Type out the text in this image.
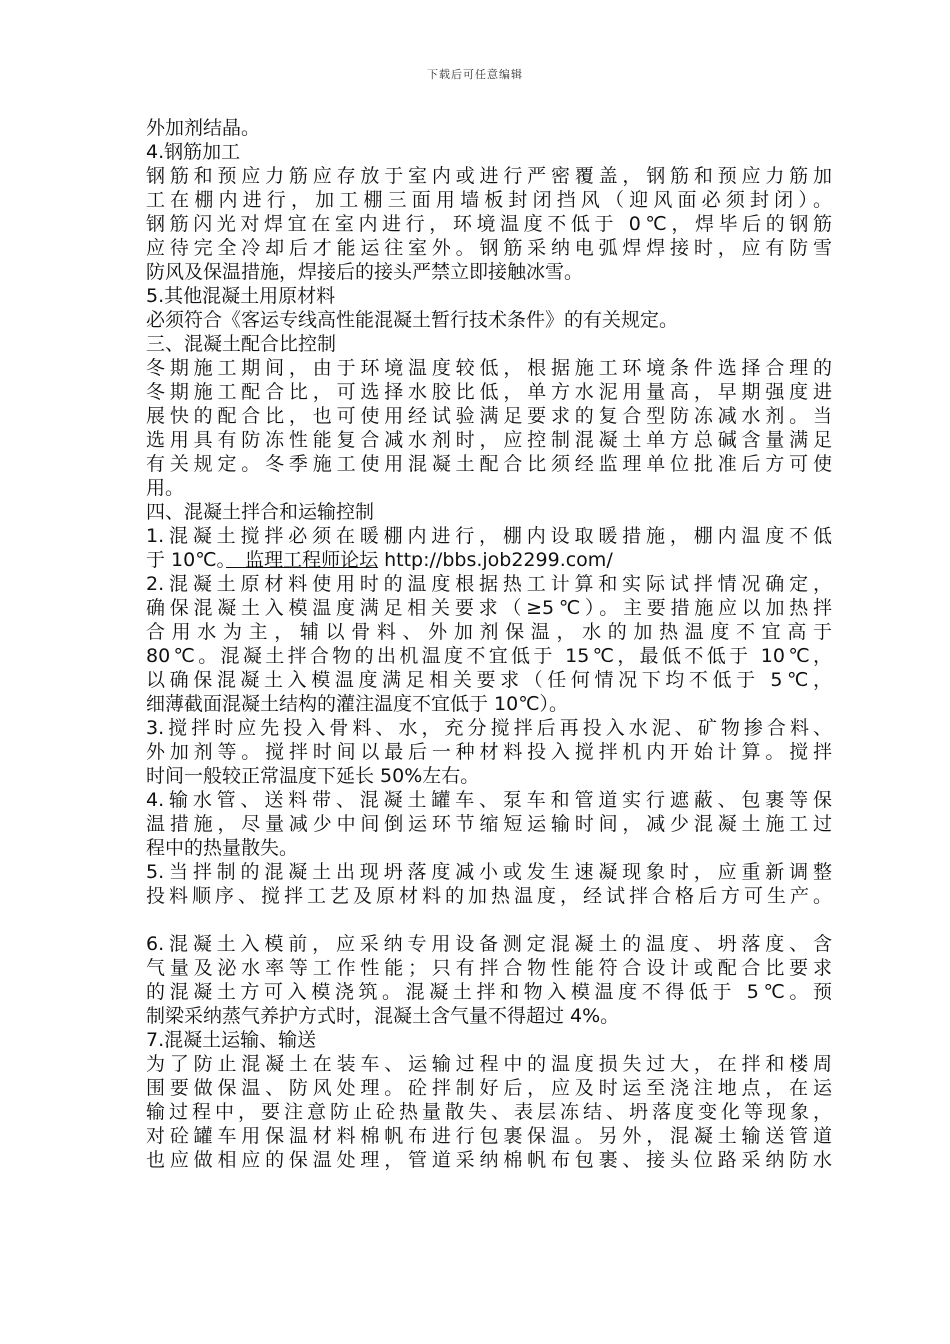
下载后可任意编辑
外加剂结晶。
4.钢筋加工
钢筋和预应力筋应存放于室内或进行严密覆盖，钢筋和预应力筋加
工在棚内进行，加工棚三面用墙板封闭挡风（迎风面必须封闭）。
钢筋闪光对焊宜在室内进行，环境温度不低于 0℃，焊毕后的钢筋
应待完全冷却后才能运往室外。钢筋采纳电弧焊焊接时，应有防雪
防风及保温措施，焊接后的接头严禁立即接触冰雪。
5.其他混凝土用原材料
必须符合《客运专线高性能混凝土暂行技术条件》的有关规定。
三、混凝土配合比控制
冬期施工期间，由于环境温度较低，根据施工环境条件选择合理的
冬期施工配合比，可选择水胶比低，单方水泥用量高，早期强度进
展快的配合比，也可使用经试验满足要求的复合型防冻减水剂。当
选用具有防冻性能复合减水剂时，应控制混凝土单方总碱含量满足
有关规定。冬季施工使用混凝土配合比须经监理单位批准后方可使
用。
四、混凝土拌合和运输控制
1.混凝土搅拌必须在暖棚内进行，棚内设取暖措施，棚内温度不低
于 10℃。　监理工程师论坛 http://bbs.job2299.com/
2.混凝土原材料使用时的温度根据热工计算和实际试拌情况确定，
确保混凝土入模温度满足相关要求（≥5℃）。主要措施应以加热拌
合用水为主，辅以骨料、外加剂保温，水的加热温度不宜高于
80℃。混凝土拌合物的出机温度不宜低于 15℃，最低不低于 10℃，
以确保混凝土入模温度满足相关要求（任何情况下均不低于 5℃，
细薄截面混凝土结构的灌注温度不宜低于 10℃）。
3.搅拌时应先投入骨料、水，充分搅拌后再投入水泥、矿物掺合料、
外加剂等。搅拌时间以最后一种材料投入搅拌机内开始计算。搅拌
时间一般较正常温度下延长 50%左右。
4.输水管、送料带、混凝土罐车、泵车和管道实行遮蔽、包裹等保
温措施，尽量减少中间倒运环节缩短运输时间，减少混凝土施工过
程中的热量散失。
5.当拌制的混凝土出现坍落度减小或发生速凝现象时，应重新调整
投料顺序、搅拌工艺及原材料的加热温度，经试拌合格后方可生产。
6.混凝土入模前，应采纳专用设备测定混凝土的温度、坍落度、含
气量及泌水率等工作性能；只有拌合物性能符合设计或配合比要求
的混凝土方可入模浇筑。混凝土拌和物入模温度不得低于 5℃。预
制梁采纳蒸气养护方式时，混凝土含气量不得超过 4%。
7.混凝土运输、输送
为了防止混凝土在装车、运输过程中的温度损失过大，在拌和楼周
围要做保温、防风处理。砼拌制好后，应及时运至浇注地点，在运
输过程中，要注意防止砼热量散失、表层冻结、坍落度变化等现象，
对砼罐车用保温材料棉帆布进行包裹保温。另外，混凝土输送管道
也应做相应的保温处理，管道采纳棉帆布包裹、接头位路采纳防水
